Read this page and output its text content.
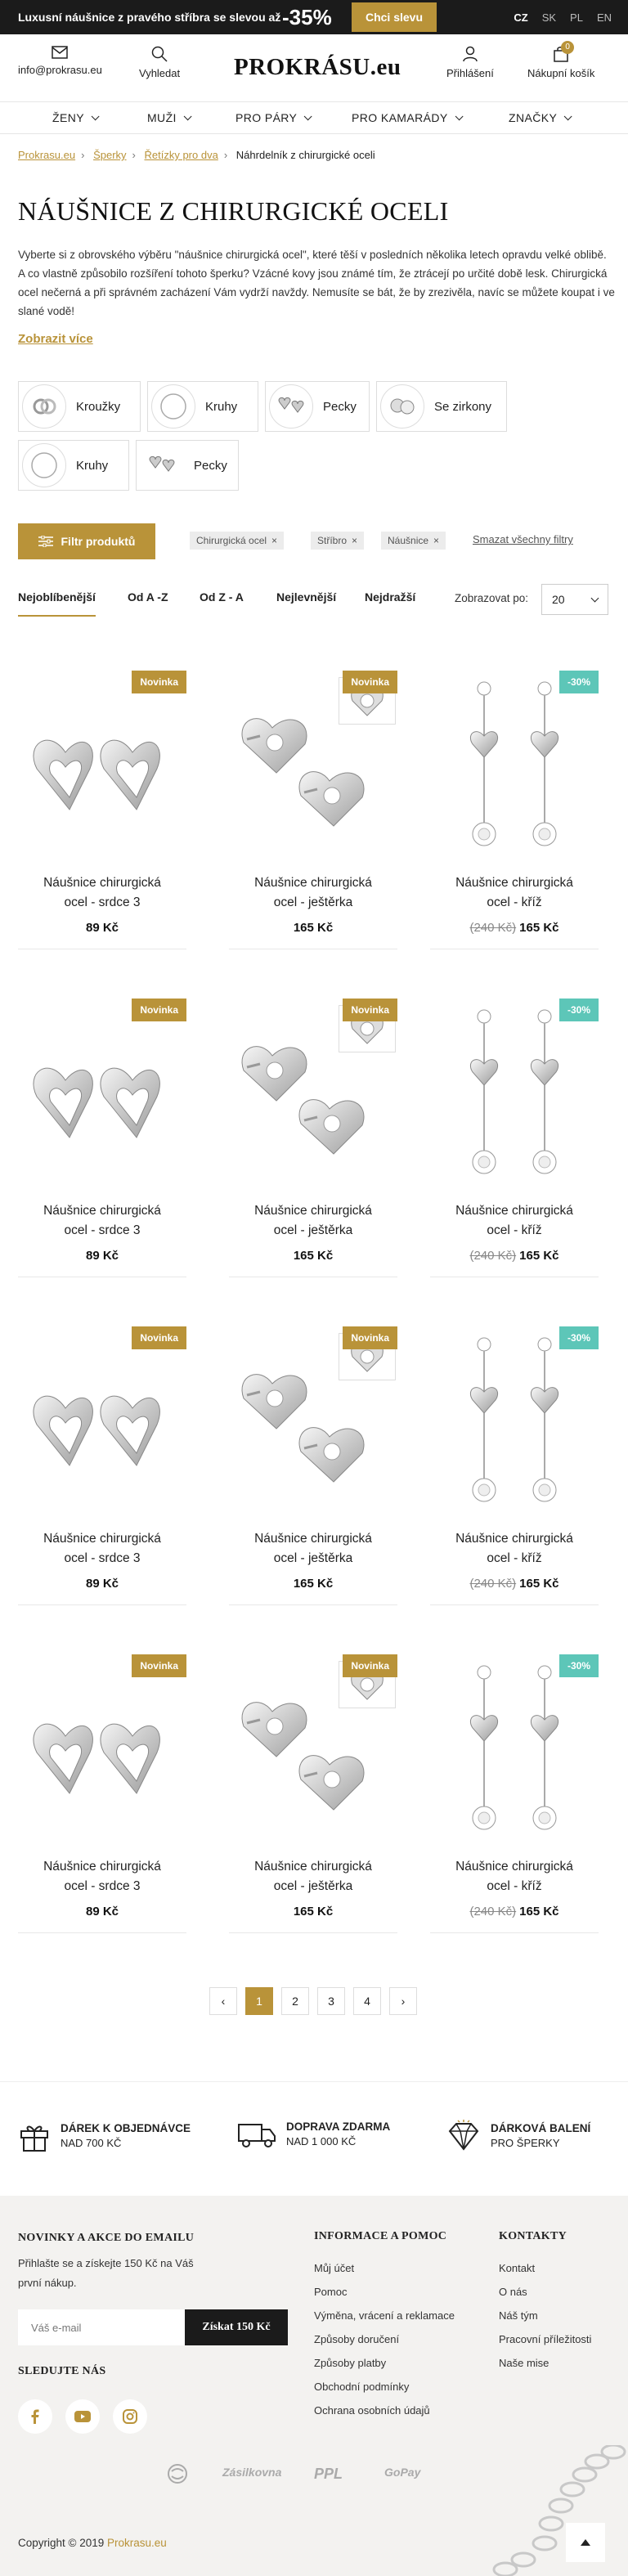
Luxusní náušnice z pravého stříbra se slevou až -35%	Chci slevu	CZ SK PL EN
info@prokrasu.eu	Vyhledat PROKRÁSU.eu	Přihlášení
0
Nákupní košík
ŽENY	MUŽI	PRO PÁRY	PRO KAMARÁDY	ZNAČKY
Prokrasu.eu › Šperky › Řetízky pro dva › Náhrdelník z chirurgické oceli
NÁUŠNICE Z CHIRURGICKÉ OCELI

Vyberte si z obrovského výběru "náušnice chirurgická ocel", které těší v posledních několika letech opravdu velké oblibě. A co vlastně způsobilo rozšíření tohoto šperku? Vzácné kovy jsou známé tím, že ztrácejí po určité době lesk. Chirurgická ocel nečerná a při správném zacházení Vám vydrží navždy. Nemusíte se bát, že by zrezivěla, navíc se můžete koupat i ve slané vodě!

Zobrazit více
Kroužky	Kruhy	Pecky	Se zirkony
Kruhy	Pecky
Filtr produktů	Chirurgická ocel ×	Stříbro ×	Náušnice ×	Smazat všechny filtry
Nejoblíbenější	Od A -Z	Od Z - A	Nejlevnější Nejdražší	Zobrazovat po: 20
Novinka
Náušnice chirurgická
ocel - srdce 3
89 Kč
Novinka
Náušnice chirurgická
ocel - ještěrka
165 Kč
-30%
Náušnice chirurgická
ocel - kříž
(240 Kč) 165 Kč
Novinka
Náušnice chirurgická
ocel - srdce 3
89 Kč
Novinka
Náušnice chirurgická
ocel - ještěrka
165 Kč
-30%
Náušnice chirurgická
ocel - kříž
(240 Kč) 165 Kč
Novinka
Náušnice chirurgická
ocel - srdce 3
89 Kč
Novinka
Náušnice chirurgická
ocel - ještěrka
165 Kč
-30%
Náušnice chirurgická
ocel - kříž
(240 Kč) 165 Kč
Novinka
Náušnice chirurgická
ocel - srdce 3
89 Kč
Novinka
Náušnice chirurgická
ocel - ještěrka
165 Kč
-30%
Náušnice chirurgická
ocel - kříž
(240 Kč) 165 Kč
‹	1	2	3	4	›
DÁREK K OBJEDNÁVCE
NAD 700 KČ
DOPRAVA ZDARMA
NAD 1 000 KČ
DÁRKOVÁ BALENÍ
PRO ŠPERKY
NOVINKY A AKCE DO EMAILU
Přihlašte se a získejte 150 Kč na Váš
první nákup.
Váš e-mail	Získat 150 Kč
SLEDUJTE NÁS
INFORMACE A POMOC
Můj účet
Pomoc
Výměna, vrácení a reklamace
Způsoby doručení
Způsoby platby
Obchodní podmínky
Ochrana osobních údajů
KONTAKTY
Kontakt
O nás
Náš tým
Pracovní příležitosti
Naše mise
Zásilkovna PPL	GoPay
Copyright © 2019 Prokrasu.eu
